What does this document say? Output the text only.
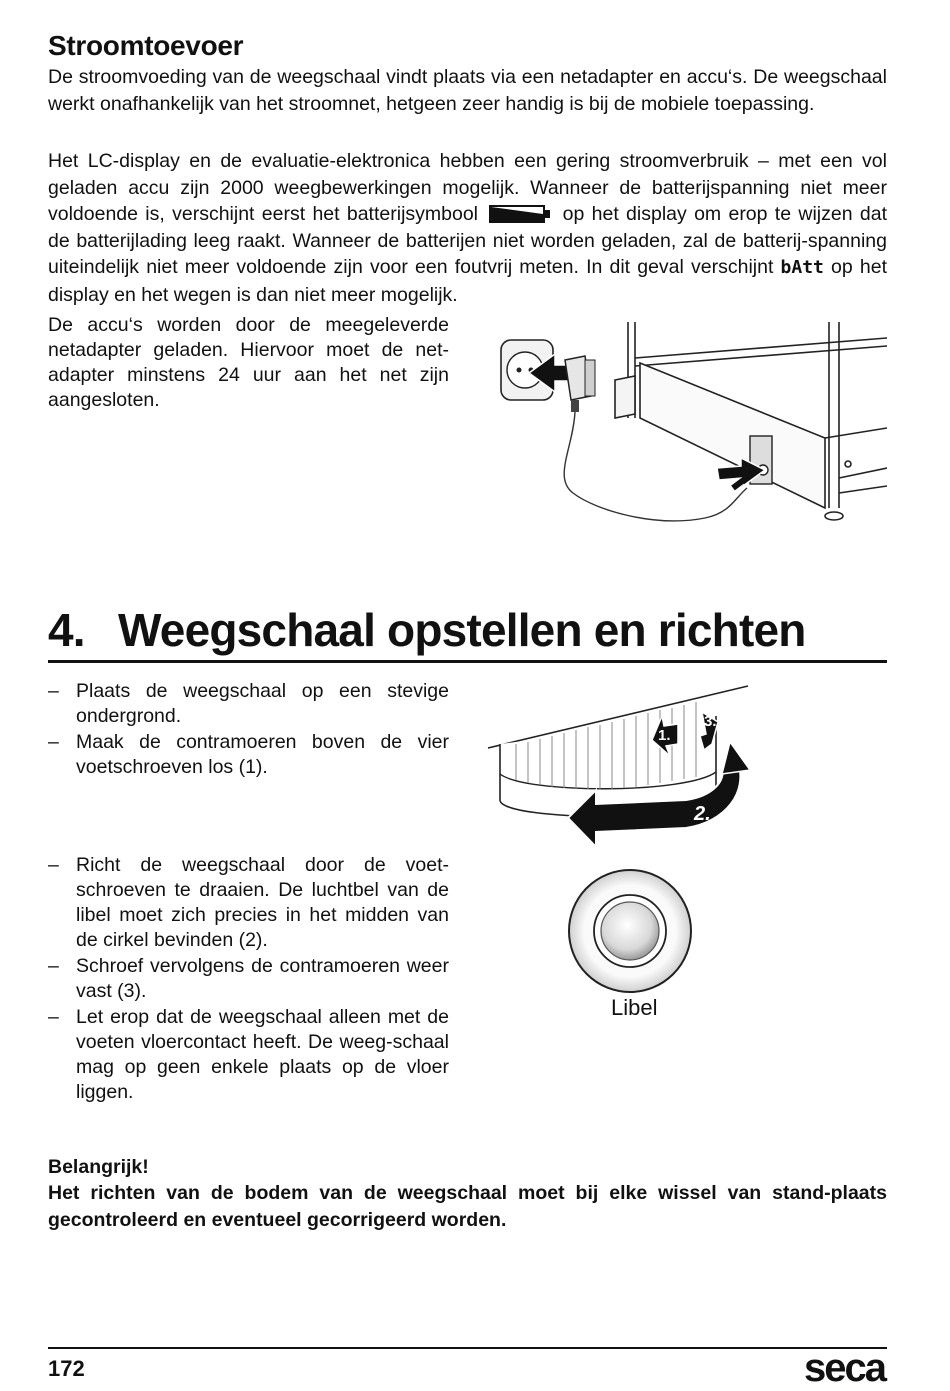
Stroomtoevoer

De stroomvoeding van de weegschaal vindt plaats via een netadapter en accu‘s. De weegschaal werkt onafhankelijk van het stroomnet, hetgeen zeer handig is bij de mobiele toepassing.

Het LC-display en de evaluatie-elektronica hebben een gering stroomverbruik – met een vol geladen accu zijn 2000 weegbewerkingen mogelijk. Wanneer de batterijspanning niet meer voldoende is, verschijnt eerst het batterijsymbool	op het display om erop te wijzen dat de batterijlading leeg raakt. Wanneer de batterijen niet worden geladen, zal de batterij-spanning uiteindelijk niet meer voldoende zijn voor een foutvrij meten. In dit geval verschijnt bAtt op het display en het wegen is dan niet meer mogelijk.

De accu‘s worden door de meegeleverde netadapter geladen. Hiervoor moet de net-adapter minstens 24 uur aan het net zijn aangesloten.

4. Weegschaal opstellen en richten
– Plaats de weegschaal op een stevige ondergrond.
– Maak de contramoeren boven de vier voetschroeven los (1).
1.
2.
3.
– Richt de weegschaal door de voet-schroeven te draaien. De luchtbel van de libel moet zich precies in het midden van de cirkel bevinden (2).
– Schroef vervolgens de contramoeren weer vast (3).
– Let erop dat de weegschaal alleen met de voeten vloercontact heeft. De weeg-schaal mag op geen enkele plaats op de vloer liggen.
Libel

Belangrijk!

Het richten van de bodem van de weegschaal moet bij elke wissel van stand-plaats gecontroleerd en eventueel gecorrigeerd worden.

172	seca
